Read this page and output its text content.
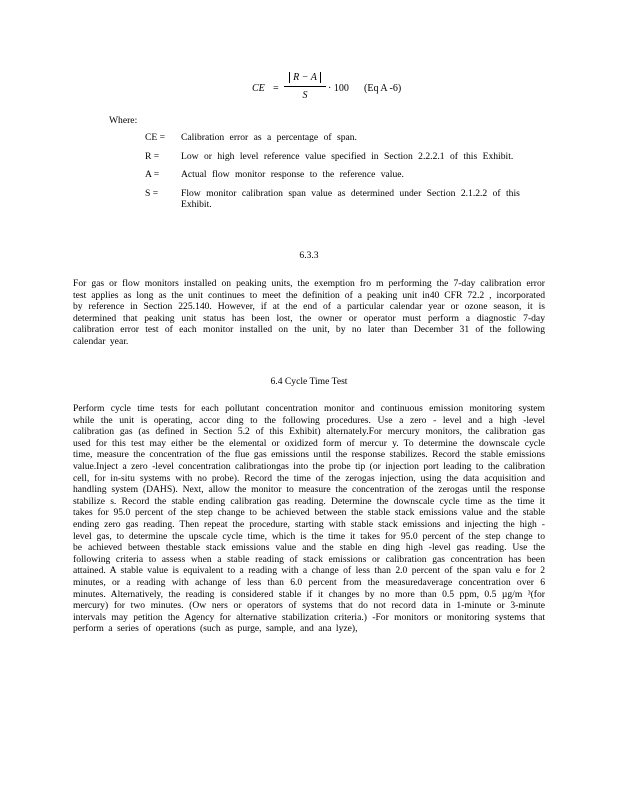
CE = $\frac{R - A}{S} \cdot 100$ (Eq A -6)
Where:
CE =	Calibration error as a percentage of span.
R =	Low or high level reference value specified in Section 2.2.2.1 of this Exhibit.
A =	Actual flow monitor response to the reference value.
S =	Flow monitor calibration span value as determined under Section 2.1.2.2 of this Exhibit.
6.3.3
For gas or flow monitors installed on peaking units, the exemption fro m performing the 7-day calibration error test applies as long as the unit continues to meet the definition of a peaking unit in40 CFR 72.2 , incorporated by reference in Section 225.140. However, if at the end of a particular calendar year or ozone season, it is determined that peaking unit status has been lost, the owner or operator must perform a diagnostic 7-day calibration error test of each monitor installed on the unit, by no later than December 31 of the following calendar year.
6.4 Cycle Time Test
Perform cycle time tests for each pollutant concentration monitor and continuous emission monitoring system while the unit is operating, accor ding to the following procedures. Use a zero - level and a high -level calibration gas (as defined in Section 5.2 of this Exhibit) alternately.For mercury monitors, the calibration gas used for this test may either be the elemental or oxidized form of mercur y. To determine the downscale cycle time, measure the concentration of the flue gas emissions until the response stabilizes. Record the stable emissions value.Inject a zero -level concentration calibrationgas into the probe tip (or injection port leading to the calibration cell, for in-situ systems with no probe). Record the time of the zerogas injection, using the data acquisition and handling system (DAHS). Next, allow the monitor to measure the concentration of the zerogas until the response stabilize s. Record the stable ending calibration gas reading. Determine the downscale cycle time as the time it takes for 95.0 percent of the step change to be achieved between the stable stack emissions value and the stable ending zero gas reading. Then repeat the procedure, starting with stable stack emissions and injecting the high - level gas, to determine the upscale cycle time, which is the time it takes for 95.0 percent of the step change to be achieved between thestable stack emissions value and the stable en ding high -level gas reading. Use the following criteria to assess when a stable reading of stack emissions or calibration gas concentration has been attained. A stable value is equivalent to a reading with a change of less than 2.0 percent of the span valu e for 2 minutes, or a reading with achange of less than 6.0 percent from the measuredaverage concentration over 6 minutes. Alternatively, the reading is considered stable if it changes by no more than 0.5 ppm, 0.5 µg/m ³(for mercury) for two minutes. (Ow ners or operators of systems that do not record data in 1-minute or 3-minute intervals may petition the Agency for alternative stabilization criteria.) -For monitors or monitoring systems that perform a series of operations (such as purge, sample, and ana lyze),
